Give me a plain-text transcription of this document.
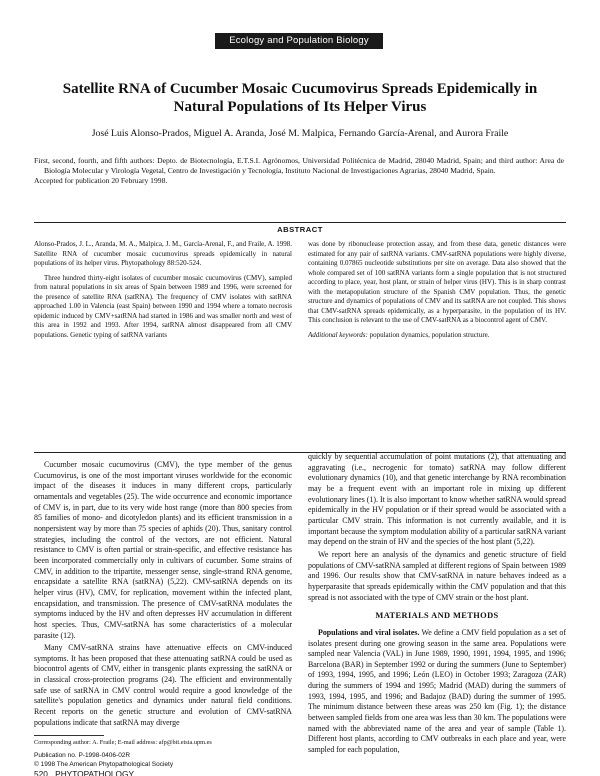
Ecology and Population Biology
Satellite RNA of Cucumber Mosaic Cucumovirus Spreads Epidemically in Natural Populations of Its Helper Virus
José Luis Alonso-Prados, Miguel A. Aranda, José M. Malpica, Fernando García-Arenal, and Aurora Fraile

First, second, fourth, and fifth authors: Depto. de Biotecnología, E.T.S.I. Agrónomos, Universidad Politécnica de Madrid, 28040 Madrid, Spain; and third author: Area de Biología Molecular y Virología Vegetal, Centro de Investigación y Tecnología, Instituto Nacional de Investigaciones Agrarias, 28040 Madrid, Spain.

Accepted for publication 20 February 1998.

ABSTRACT

Alonso-Prados, J. L., Aranda, M. A., Malpica, J. M., García-Arenal, F., and Fraile, A. 1998. Satellite RNA of cucumber mosaic cucumovirus spreads epidemically in natural populations of its helper virus. Phytopathology 88:520-524.

Three hundred thirty-eight isolates of cucumber mosaic cucumovirus (CMV), sampled from natural populations in six areas of Spain between 1989 and 1996, were screened for the presence of satellite RNA (satRNA). The frequency of CMV isolates with satRNA approached 1.00 in Valencia (east Spain) between 1990 and 1994 where a tomato necrosis epidemic induced by CMV+satRNA had started in 1986 and was smaller north and west of this area in 1992 and 1993. After 1994, satRNA almost disappeared from all CMV populations. Genetic typing of satRNA variants

was done by ribonuclease protection assay, and from these data, genetic distances were estimated for any pair of satRNA variants. CMV-satRNA populations were highly diverse, containing 0.07865 nucleotide substitutions per site on average. Data also showed that the whole compared set of 100 satRNA variants form a single population that is not structured according to place, year, host plant, or strain of helper virus (HV). This is in sharp contrast with the metapopulation structure of the Spanish CMV population. Thus, the genetic structure and dynamics of populations of CMV and its satRNA are not coupled. This shows that CMV-satRNA spreads epidemically, as a hyperparasite, in the population of its HV. This conclusion is relevant to the use of CMV-satRNA as a biocontrol agent of CMV.

Additional keywords: population dynamics, population structure.

Cucumber mosaic cucumovirus (CMV), the type member of the genus Cucumovirus, is one of the most important viruses worldwide for the economic impact of the diseases it induces in many different crops, particularly ornamentals and vegetables (25). The wide occurrence and economic importance of CMV is, in part, due to its very wide host range (more than 800 species from 85 families of mono- and dicotyledon plants) and its efficient transmission in a nonpersistent way by more than 75 species of aphids (20). Thus, sanitary control strategies, including the control of the vectors, are not efficient. Natural resistance to CMV is often partial or strain-specific, and effective resistance has been incorporated commercially only in cultivars of cucumber. Some strains of CMV, in addition to the tripartite, messenger sense, single-strand RNA genome, encapsidate a satellite RNA (satRNA) (5,22). CMV-satRNA depends on its helper virus (HV), CMV, for replication, movement within the infected plant, encapsidation, and transmission. The presence of CMV-satRNA modulates the symptoms induced by the HV and often depresses HV accumulation in different host species. Thus, CMV-satRNA has some characteristics of a molecular parasite (12).

Many CMV-satRNA strains have attenuative effects on CMV-induced symptoms. It has been proposed that these attenuating satRNA could be used as biocontrol agents of CMV, either in transgenic plants expressing the satRNA or in classical cross-protection programs (24). The efficient and environmentally safe use of satRNA in CMV control would require a good knowledge of the satellite's population genetics and dynamics under natural field conditions. Recent reports on the genetic structure and evolution of CMV-satRNA populations indicate that satRNA may diverge

quickly by sequential accumulation of point mutations (2), that attenuating and aggravating (i.e., necrogenic for tomato) satRNA may follow different evolutionary dynamics (10), and that genetic interchange by RNA recombination may be a frequent event with an important role in mixing up different evolutionary lines (1). It is also important to know whether satRNA would spread epidemically in the HV population or if their spread would be associated with a particular CMV strain. This information is not currently available, and it is important because the symptom modulation ability of a particular satRNA variant may depend on the strain of HV and the species of the host plant (5,22).

We report here an analysis of the dynamics and genetic structure of field populations of CMV-satRNA sampled at different regions of Spain between 1989 and 1996. Our results show that CMV-satRNA in nature behaves indeed as a hyperparasite that spreads epidemically within the CMV population and that this spread is not associated with the type of CMV strain or the host plant.

MATERIALS AND METHODS

Populations and viral isolates. We define a CMV field population as a set of isolates present during one growing season in the same area. Populations were sampled near Valencia (VAL) in June 1989, 1990, 1991, 1994, 1995, and 1996; Barcelona (BAR) in September 1992 or during the summers (June to September) of 1993, 1994, 1995, and 1996; León (LEO) in October 1993; Zaragoza (ZAR) during the summers of 1994 and 1995; Madrid (MAD) during the summers of 1993, 1994, 1995, and 1996; and Badajoz (BAD) during the summer of 1995. The minimum distance between these areas was 250 km (Fig. 1); the distance between sampled fields from one area was less than 30 km. The populations were named with the abbreviated name of the area and year of sample (Table 1). Different host plants, according to CMV outbreaks in each place and year, were sampled for each population,

Corresponding author: A. Fraile; E-mail address: afp@bit.etsia.upm.es
Publication no. P-1998-0406-02R
© 1998 The American Phytopathological Society
520 PHYTOPATHOLOGY
